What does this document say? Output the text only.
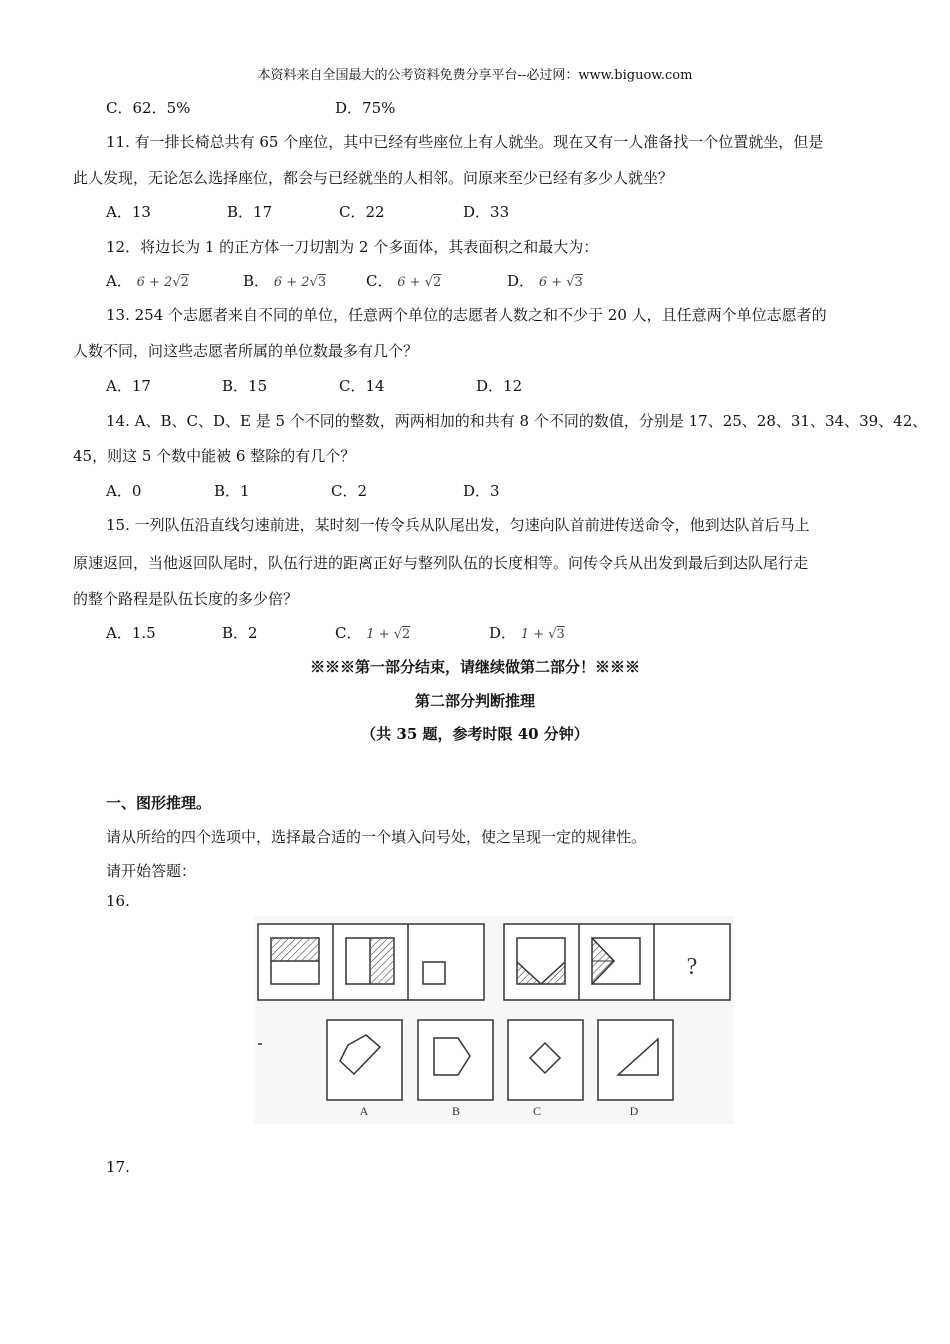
本资料来自全国最大的公考资料免费分享平台--必过网：www.biguow.com
C．62．5%	D．75%
11. 有一排长椅总共有 65 个座位，其中已经有些座位上有人就坐。现在又有一人准备找一个位置就坐，但是
此人发现，无论怎么选择座位，都会与已经就坐的人相邻。问原来至少已经有多少人就坐？
A．13	B．17	C．22	D．33
12．将边长为 1 的正方体一刀切割为 2 个多面体，其表面积之和最大为：
A． 6 + 2√2	B． 6 + 2√3	C． 6 + √2	D． 6 + √3
13. 254 个志愿者来自不同的单位，任意两个单位的志愿者人数之和不少于 20 人，且任意两个单位志愿者的
人数不同，问这些志愿者所属的单位数最多有几个？
A．17	B．15	C．14	D．12
14. A、B、C、D、E 是 5 个不同的整数，两两相加的和共有 8 个不同的数值，分别是 17、25、28、31、34、39、42、
45，则这 5 个数中能被 6 整除的有几个？
A．0	B．1	C．2	D．3
15. 一列队伍沿直线匀速前进，某时刻一传令兵从队尾出发，匀速向队首前进传送命令，他到达队首后马上
原速返回，当他返回队尾时，队伍行进的距离正好与整列队伍的长度相等。问传令兵从出发到最后到达队尾行走
的整个路程是队伍长度的多少倍？
A．1.5	B．2	C． 1 + √2	D． 1 + √3
※※※第一部分结束，请继续做第二部分！※※※
第二部分判断推理
（共 35 题，参考时限 40 分钟）
一、图形推理。
请从所给的四个选项中，选择最合适的一个填入问号处，使之呈现一定的规律性。
请开始答题：
16.
?
A	B	C	D
17.
